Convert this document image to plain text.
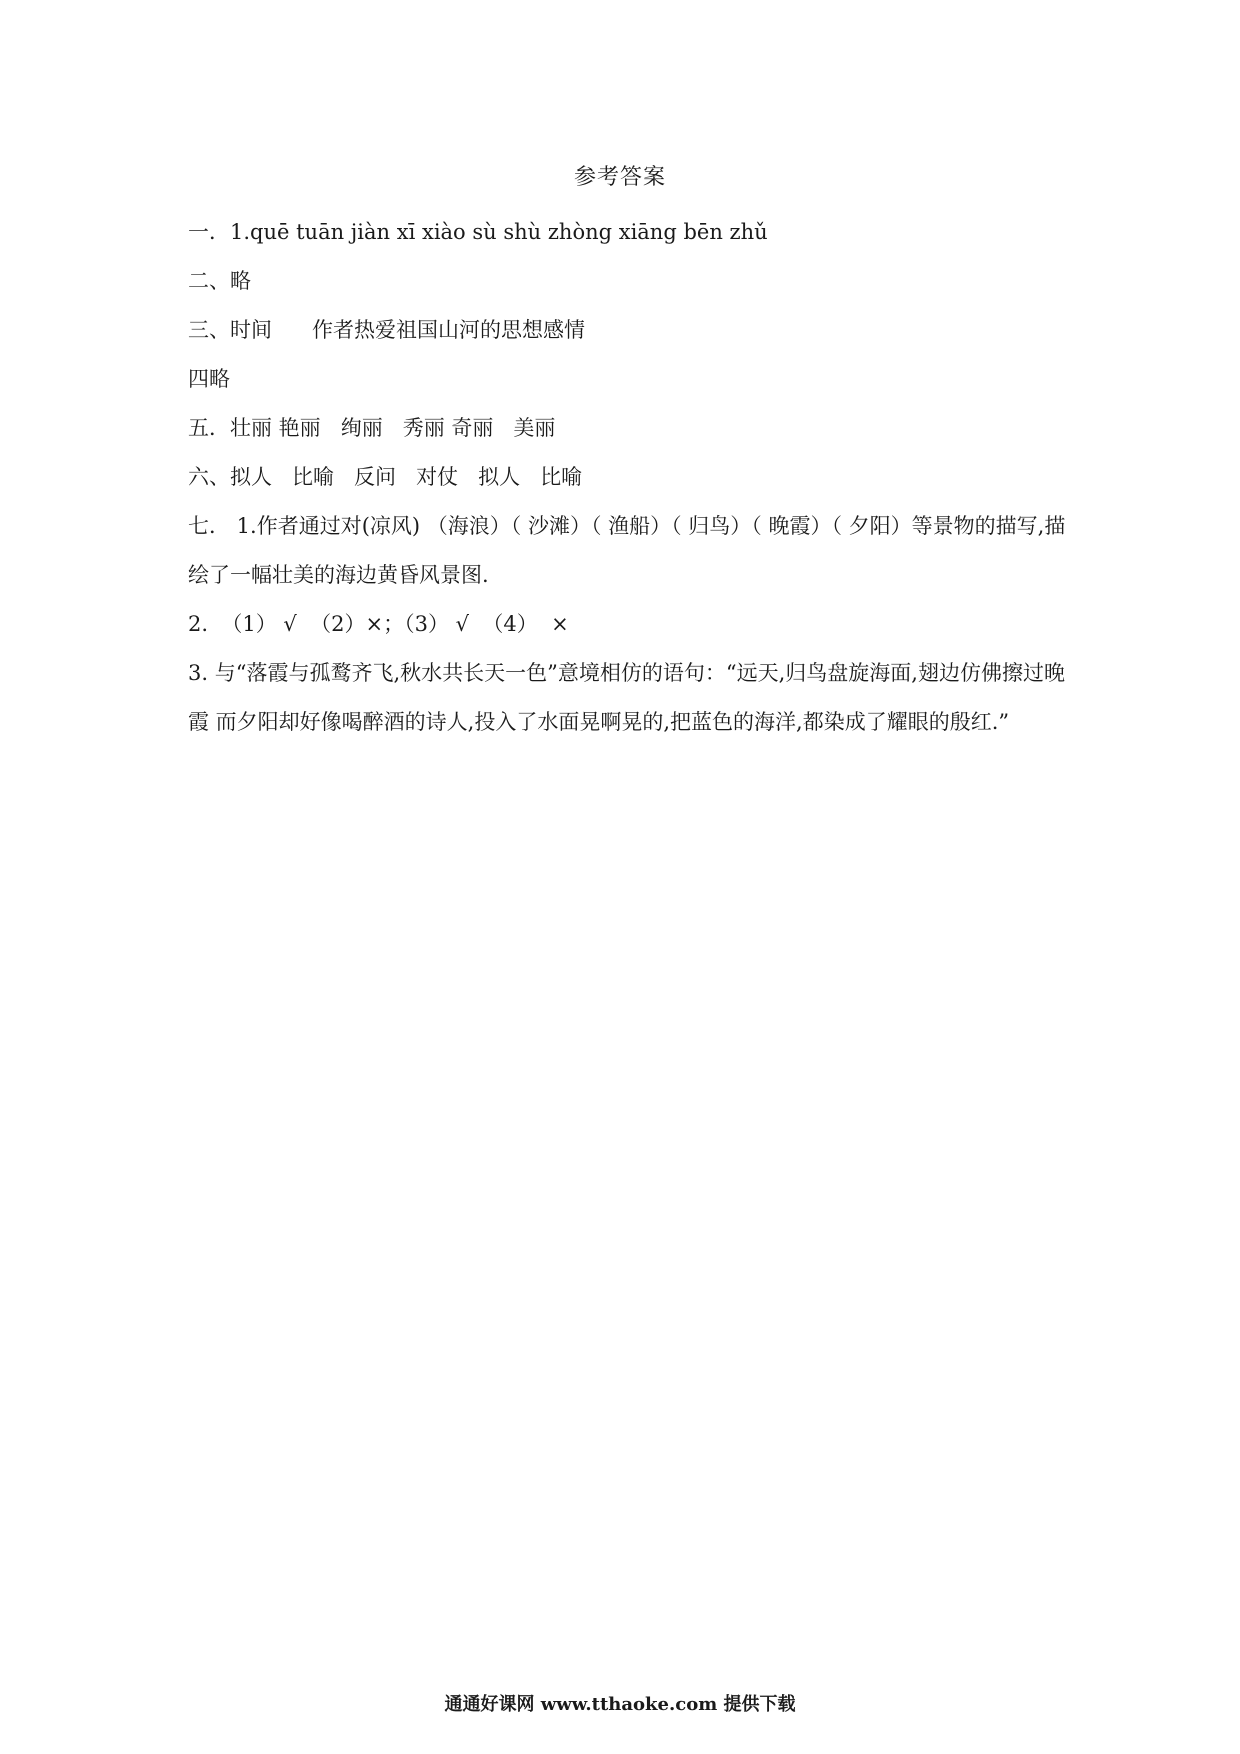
参考答案
一．1.quē tuān jiàn xī xiào sù shù zhòng xiāng bēn zhǔ
二、略
三、时间      作者热爱祖国山河的思想感情
四略
五．壮丽 艳丽   绚丽   秀丽 奇丽   美丽
六、拟人   比喻   反问   对仗   拟人   比喻
七． 1.作者通过对(凉风) （海浪）（ 沙滩）（ 渔船）（ 归鸟）（ 晚霞）（ 夕阳）等景物的描写,描绘了一幅壮美的海边黄昏风景图.
2.  （1） √  （2）×；（3） √  （4）  ×
3. 与“落霞与孤鹜齐飞,秋水共长天一色”意境相仿的语句：“远天,归鸟盘旋海面,翅边仿佛擦过晚霞 而夕阳却好像喝醉酒的诗人,投入了水面晃啊晃的,把蓝色的海洋,都染成了耀眼的殷红.”
通通好课网 www.tthaoke.com 提供下载
